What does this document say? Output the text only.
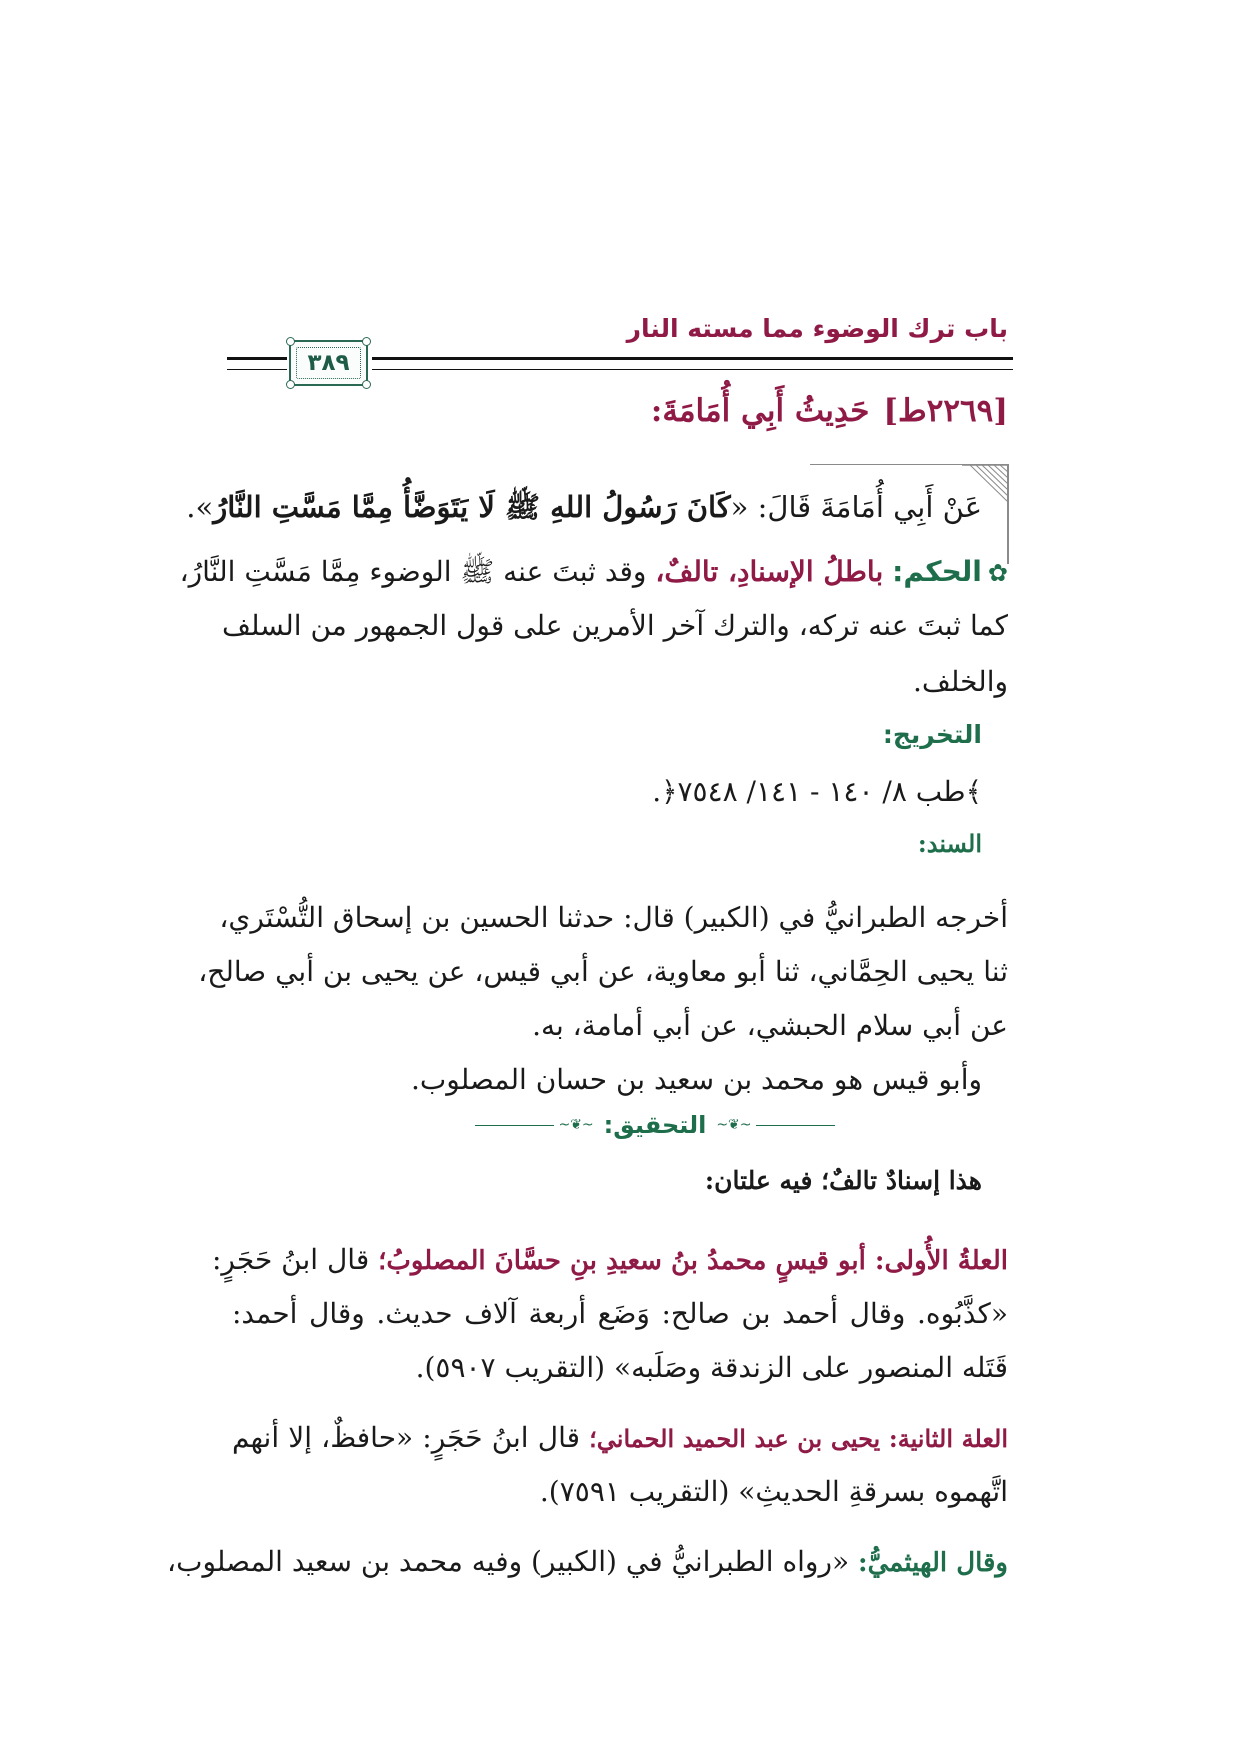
باب ترك الوضوء مما مسته النار
٣٨٩
[٢٢٦٩ط]حَدِيثُ أَبِي أُمَامَةَ:
عَنْ أَبِي أُمَامَةَ قَالَ: «كَانَ رَسُولُ اللهِ ﷺ لَا يَتَوَضَّأُ مِمَّا مَسَّتِ النَّارُ».
✿الحكم: باطلُ الإسنادِ، تالفٌ، وقد ثبتَ عنه ﷺ الوضوء مِمَّا مَسَّتِ النَّارُ،
كما ثبتَ عنه تركه، والترك آخر الأمرين على قول الجمهور من السلف
والخلف.
التخريج:
﴾طب ٨/ ١٤٠ - ١٤١/ ٧٥٤٨﴿.
السند:
أخرجه الطبرانيُّ في (الكبير) قال: حدثنا الحسين بن إسحاق التُّسْتَري،
ثنا يحيى الحِمَّاني، ثنا أبو معاوية، عن أبي قيس، عن يحيى بن أبي صالح،
عن أبي سلام الحبشي، عن أبي أمامة، به.
وأبو قيس هو محمد بن سعيد بن حسان المصلوب.
~❦~
التحقيق:
~❦~
هذا إسنادٌ تالفٌ؛ فيه علتان:
العلةُ الأُولى: أبو قيسٍ محمدُ بنُ سعيدِ بنِ حسَّانَ المصلوبُ؛ قال ابنُ حَجَرٍ:
«كذَّبُوه. وقال أحمد بن صالح: وَضَع أربعة آلاف حديث. وقال أحمد:
قَتَله المنصور على الزندقة وصَلَبه» (التقريب ٥٩٠٧).
العلة الثانية: يحيى بن عبد الحميد الحماني؛ قال ابنُ حَجَرٍ: «حافظٌ، إلا أنهم
اتَّهموه بسرقةِ الحديثِ» (التقريب ٧٥٩١).
وقال الهيثميُّ: «رواه الطبرانيُّ في (الكبير) وفيه محمد بن سعيد المصلوب،
